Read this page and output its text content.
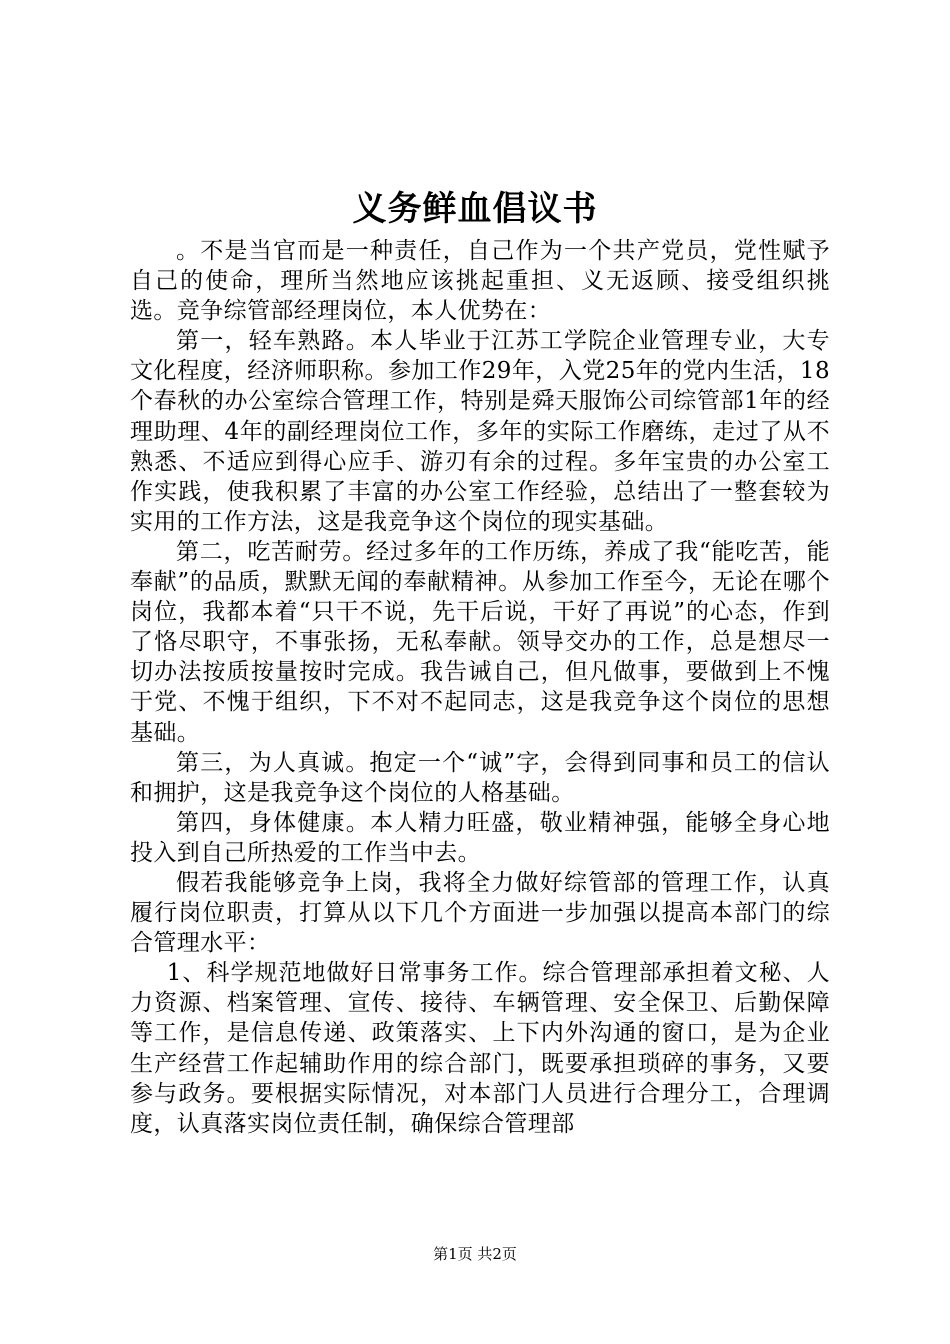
义务鲜血倡议书

。不是当官而是一种责任，自己作为一个共产党员，党性赋予自己的使命，理所当然地应该挑起重担、义无返顾、接受组织挑选。竞争综管部经理岗位，本人优势在：

第一，轻车熟路。本人毕业于江苏工学院企业管理专业，大专文化程度，经济师职称。参加工作29年，入党25年的党内生活，18个春秋的办公室综合管理工作，特别是舜天服饰公司综管部1年的经理助理、4年的副经理岗位工作，多年的实际工作磨练，走过了从不熟悉、不适应到得心应手、游刃有余的过程。多年宝贵的办公室工作实践，使我积累了丰富的办公室工作经验，总结出了一整套较为实用的工作方法，这是我竞争这个岗位的现实基础。

第二，吃苦耐劳。经过多年的工作历练，养成了我“能吃苦，能奉献”的品质，默默无闻的奉献精神。从参加工作至今，无论在哪个岗位，我都本着“只干不说，先干后说，干好了再说”的心态，作到了恪尽职守，不事张扬，无私奉献。领导交办的工作，总是想尽一切办法按质按量按时完成。我告诫自己，但凡做事，要做到上不愧于党、不愧于组织，下不对不起同志，这是我竞争这个岗位的思想基础。

第三，为人真诚。抱定一个“诚”字，会得到同事和员工的信认和拥护，这是我竞争这个岗位的人格基础。

第四，身体健康。本人精力旺盛，敬业精神强，能够全身心地投入到自己所热爱的工作当中去。

假若我能够竞争上岗，我将全力做好综管部的管理工作，认真履行岗位职责，打算从以下几个方面进一步加强以提高本部门的综合管理水平：

1、科学规范地做好日常事务工作。综合管理部承担着文秘、人力资源、档案管理、宣传、接待、车辆管理、安全保卫、后勤保障等工作，是信息传递、政策落实、上下内外沟通的窗口，是为企业生产经营工作起辅助作用的综合部门，既要承担琐碎的事务，又要参与政务。要根据实际情况，对本部门人员进行合理分工，合理调度，认真落实岗位责任制，确保综合管理部

第1页 共2页
